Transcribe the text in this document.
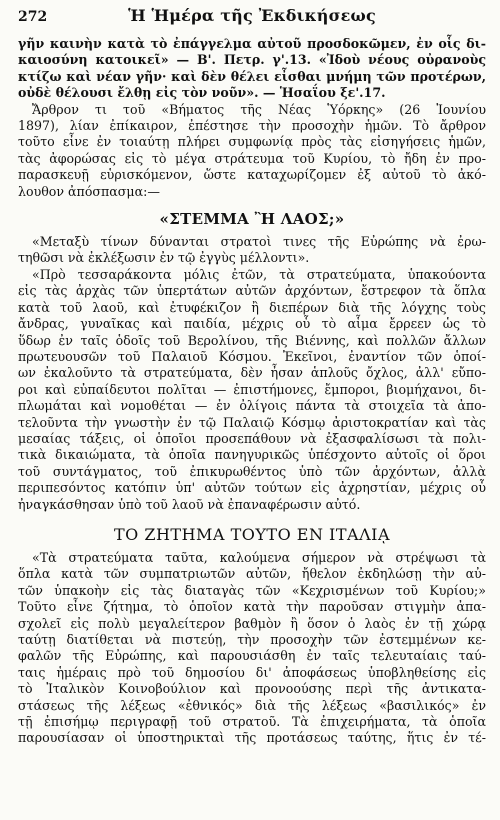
272	Ἡ Ἡμέρα τῆς Ἐκδικήσεως

γῆν καινὴν κατὰ τὸ ἐπάγγελμα αὐτοῦ προσδοκῶμεν, ἐν οἷς δι-
καιοσύνη κατοικεῖ» — Β'. Πετρ. γ'.13. «Ἰδοὺ νέους οὐρανοὺς
κτίζω καὶ νέαν γῆν· καὶ δὲν θέλει εἶσθαι μνήμη τῶν προτέρων,
οὐδὲ θέλουσι ἔλθῃ εἰς τὸν νοῦν». — Ἡσαΐου ξε'.17.

Ἄρθρον τι τοῦ «Βήματος τῆς Νέας Ὑόρκης» (26 Ἰουνίου
1897), λίαν ἐπίκαιρον, ἐπέστησε τὴν προσοχὴν ἡμῶν. Τὸ ἄρθρον
τοῦτο εἶνε ἐν τοιαύτῃ πλήρει συμφωνίᾳ πρὸς τὰς εἰσηγήσεις ἡμῶν,
τὰς ἀφορώσας εἰς τὸ μέγα στράτευμα τοῦ Κυρίου, τὸ ἤδη ἐν προ-
παρασκευῇ εὑρισκόμενον, ὥστε καταχωρίζομεν ἐξ αὐτοῦ τὸ ἀκό-
λουθον ἀπόσπασμα:—

«ΣΤΕΜΜΑ Ἢ ΛΑΟΣ;»

«Μεταξὺ τίνων δύνανται στρατοὶ τινες τῆς Εὐρώπης νὰ ἐρω-
τηθῶσι νὰ ἐκλέξωσιν ἐν τῷ ἐγγὺς μέλλοντι».

«Πρὸ τεσσαράκοντα μόλις ἐτῶν, τὰ στρατεύματα, ὑπακούοντα
εἰς τὰς ἀρχὰς τῶν ὑπερτάτων αὐτῶν ἀρχόντων, ἔστρεφον τὰ ὅπλα
κατὰ τοῦ λαοῦ, καὶ ἐτυφέκιζον ἢ διεπέρων διὰ τῆς λόγχης τοὺς
ἄνδρας, γυναῖκας καὶ παιδία, μέχρις οὗ τὸ αἷμα ἔρρεεν ὡς τὸ
ὕδωρ ἐν ταῖς ὁδοῖς τοῦ Βερολίνου, τῆς Βιέννης, καὶ πολλῶν ἄλλων
πρωτευουσῶν τοῦ Παλαιοῦ Κόσμου. Ἐκεῖνοι, ἐναντίον τῶν ὁποί-
ων ἐκαλοῦντο τὰ στρατεύματα, δὲν ἦσαν ἁπλοῦς ὄχλος, ἀλλ' εὔπο-
ροι καὶ εὐπαίδευτοι πολῖται — ἐπιστήμονες, ἔμποροι, βιομήχανοι, δι-
πλωμάται καὶ νομοθέται — ἐν ὀλίγοις πάντα τὰ στοιχεῖα τὰ ἀπο-
τελοῦντα τὴν γνωστὴν ἐν τῷ Παλαιῷ Κόσμῳ ἀριστοκρατίαν καὶ τὰς
μεσαίας τάξεις, οἱ ὁποῖοι προσεπάθουν νὰ ἐξασφαλίσωσι τὰ πολι-
τικὰ δικαιώματα, τὰ ὁποῖα πανηγυρικῶς ὑπέσχοντο αὐτοῖς οἱ ὅροι
τοῦ συντάγματος, τοῦ ἐπικυρωθέντος ὑπὸ τῶν ἀρχόντων, ἀλλὰ
περιπεσόντος κατόπιν ὑπ' αὐτῶν τούτων εἰς ἀχρηστίαν, μέχρις οὗ
ἠναγκάσθησαν ὑπὸ τοῦ λαοῦ νὰ ἐπαναφέρωσιν αὐτό.

ΤΟ ΖΗΤΗΜΑ ΤΟΥΤΟ ΕΝ ΙΤΑΛΙᾼ

«Τὰ στρατεύματα ταῦτα, καλούμενα σήμερον νὰ στρέψωσι τὰ
ὅπλα κατὰ τῶν συμπατριωτῶν αὐτῶν, ἤθελον ἐκδηλώσῃ τὴν αὐ-
τῶν ὑπακοὴν εἰς τὰς διαταγὰς τῶν «Κεχρισμένων τοῦ Κυρίου;»
Τοῦτο εἶνε ζήτημα, τὸ ὁποῖον κατὰ τὴν παροῦσαν στιγμὴν ἀπα-
σχολεῖ εἰς πολὺ μεγαλείτερον βαθμὸν ἢ ὅσον ὁ λαὸς ἐν τῇ χώρᾳ
ταύτῃ διατίθεται νὰ πιστεύῃ, τὴν προσοχὴν τῶν ἐστεμμένων κε-
φαλῶν τῆς Εὐρώπης, καὶ παρουσιάσθη ἐν ταῖς τελευταίαις ταύ-
ταις ἡμέραις πρὸ τοῦ δημοσίου δι' ἀποφάσεως ὑποβληθείσης εἰς
τὸ Ἰταλικὸν Κοινοβούλιον καὶ προνοούσης περὶ τῆς ἀντικατα-
στάσεως τῆς λέξεως «ἐθνικός» διὰ τῆς λέξεως «βασιλικός» ἐν
τῇ ἐπισήμῳ περιγραφῇ τοῦ στρατοῦ. Τὰ ἐπιχειρήματα, τὰ ὁποῖα
παρουσίασαν οἱ ὑποστηρικταὶ τῆς προτάσεως ταύτης, ἥτις ἐν τέ-
